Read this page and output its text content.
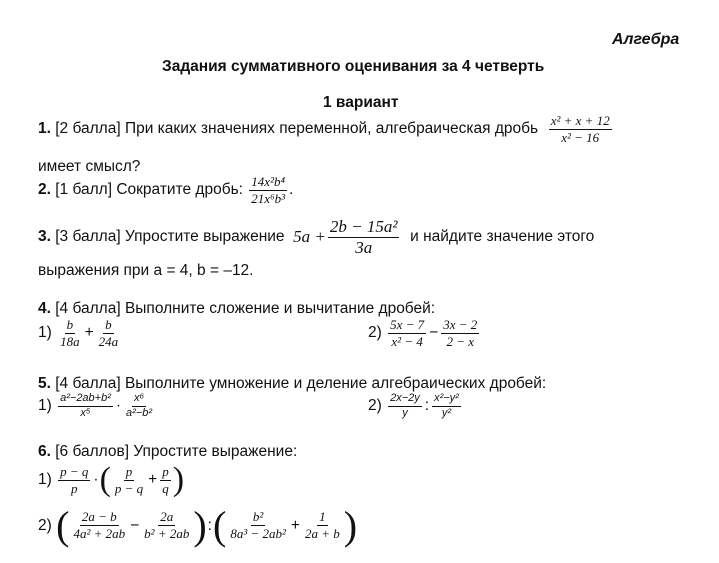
Алгебра
Задания суммативного оценивания за 4 четверть
1 вариант
1.
[2 балла] При каких значениях переменной, алгебраическая дробь
$\frac{\text{x² + x + 12}}{\text{x² − 16}}$
имеет смысл?
2.
[1 балл] Сократите дробь:
$\frac{\text{14x²b⁴}}{\text{21x⁶b³}}$ .
3.
[3 балла] Упростите выражение
$5a + \frac{\text{2b − 15a²}}{3a}$
и найдите значение этого
выражения при a = 4, b = –12.
4. [4 балла] Выполните сложение и вычитание дробей:
1)
$\frac{b}{18a} + \frac{b}{24a}$	2)
$\frac{5x - 7}{\text{x² − 4}} - \frac{3x - 2}{2 - x}$
5. [4 балла] Выполните умножение и деление алгебраических дробей:
1)
$\frac{\text{a²−2ab+b²}}{\text{x⁵}} \cdot \frac{\text{x⁶}}{\text{a²−b²}}$	2)
$\frac{2x-2y}{y}$ : $\frac{\text{x²−y²}}{\text{y²}}$
6. [6 баллов] Упростите выражение:
1)
$\frac{p - q}{p}$ · ( $\frac{p}{p - q} + \frac{p}{q}$ )
2)
( $\frac{2a - b}{\text{4a² + 2ab}} - \frac{2a}{\text{b² + 2ab}}$ ) : ( $\frac{\text{b²}}{\text{8a³ − 2ab²}} + \frac{1}{2a + b}$ )
